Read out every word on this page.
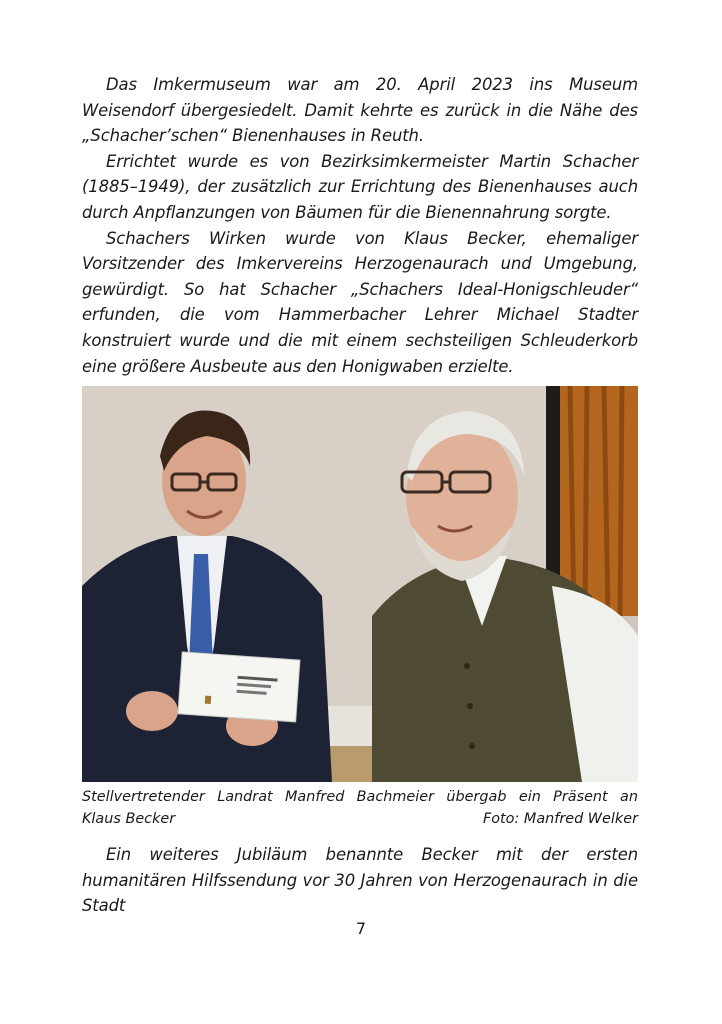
Das Imkermuseum war am 20. April 2023 ins Museum Weisendorf übergesiedelt. Damit kehrte es zurück in die Nähe des „Schacher’schen“ Bienenhauses in Reuth.

Errichtet wurde es von Bezirksimkermeister Martin Schacher (1885–1949), der zusätzlich zur Errichtung des Bienenhauses auch durch Anpflanzungen von Bäumen für die Bienennahrung sorgte.

Schachers Wirken wurde von Klaus Becker, ehemaliger Vorsitzender des Imkervereins Herzogenaurach und Umgebung, gewürdigt. So hat Schacher „Schachers Ideal-Honigschleuder“ erfunden, die vom Hammerbacher Lehrer Michael Stadter konstruiert wurde und die mit einem sechsteiligen Schleuderkorb eine größere Ausbeute aus den Honigwaben erzielte.

Stellvertretender Landrat Manfred Bachmeier übergab ein Präsent an
Klaus Becker	Foto: Manfred Welker

Ein weiteres Jubiläum benannte Becker mit der ersten humanitären Hilfssendung vor 30 Jahren von Herzogenaurach in die Stadt

7
